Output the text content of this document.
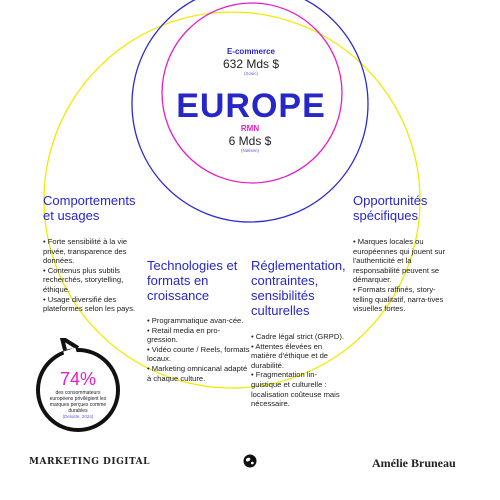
E-commerce
632 Mds $
(Sosic)
EUROPE
RMN
6 Mds $
(Nielsen)
Comportements et usages
• Forte sensibilité à la vie privée, transparence des données.
• Contenus plus subtils recherchés, storytelling, éthique.
• Usage diversifié des plateformes selon les pays.
Technologies et formats en croissance
• Programmatique avan-cée.
• Retail media en pro-gression.
• Vidéo courte / Reels, formats locaux.
• Marketing omnicanal adapté à chaque culture.
Réglementation, contraintes, sensibilités culturelles
• Cadre légal strict (GRPD).
• Attentes élevées en matière d'éthique et de durabilité.
• Fragmentation lin-guistique et culturelle : localisation coûteuse mais nécessaire.
Opportunités spécifiques
• Marques locales ou européennes qui jouent sur l'authenticité et la responsabilité peuvent se démarquer.
• Formats raffinés, story-telling qualitatif, narra-tives visuelles fortes.
74%
des consommateurs européens privilégient les marques perçues comme durables
(Deloitte, 2024)
MARKETING DIGITAL	Amélie Bruneau
